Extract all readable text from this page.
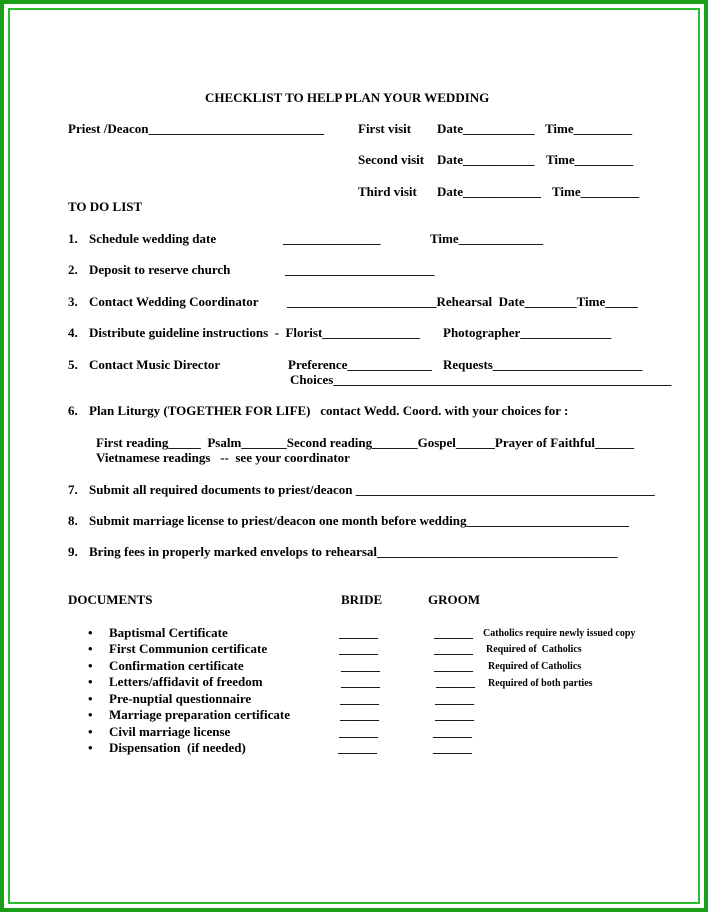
CHECKLIST TO HELP PLAN YOUR WEDDING
Priest /Deacon___________________________	First visit Date___________ Time_________
Second visit Date___________ Time_________
Third visit Date____________ Time_________
TO DO LIST
1. Schedule wedding date	_______________	Time_____________
2. Deposit to reserve church	_______________________
3. Contact Wedding Coordinator _______________________Rehearsal  Date________Time_____
4. Distribute guideline instructions  -  Florist_______________ Photographer______________
5. Contact Music Director	Preference_____________ Requests_______________________
Choices____________________________________________________
6. Plan Liturgy (TOGETHER FOR LIFE)   contact Wedd. Coord. with your choices for :
First reading_____  Psalm_______Second reading_______Gospel______Prayer of Faithful______
Vietnamese readings   --  see your coordinator
7. Submit all required documents to priest/deacon ______________________________________________
8. Submit marriage license to priest/deacon one month before wedding_________________________
9. Bring fees in properly marked envelops to rehearsal_____________________________________
DOCUMENTS	BRIDE	GROOM
• Baptismal Certificate	______	______ Catholics require newly issued copy
• First Communion certificate	______	______ Required of  Catholics
• Confirmation certificate	______	______ Required of Catholics
• Letters/affidavit of freedom	______	______ Required of both parties
• Pre-nuptial questionnaire	______	______
• Marriage preparation certificate	______	______
• Civil marriage license	______	______
• Dispensation  (if needed)	______	______
